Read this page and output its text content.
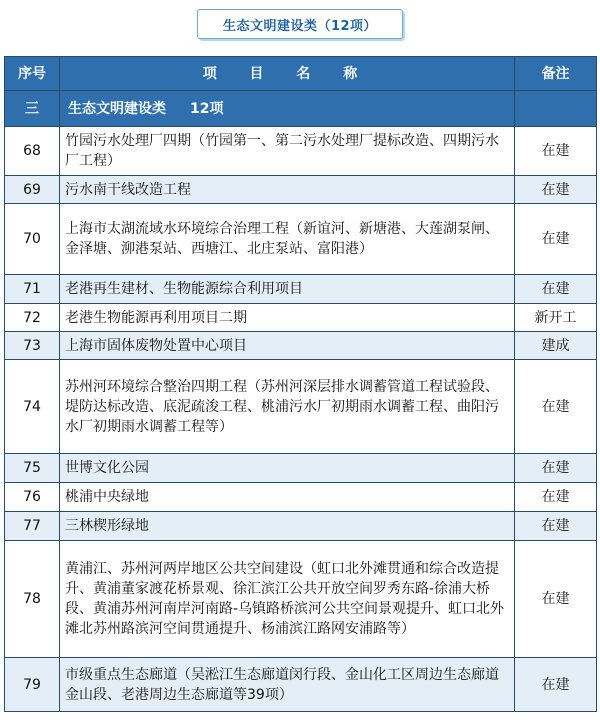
生态文明建设类（12项）
序号	项 目 名 称	备注
三	生态文明建设类 12项	
68	竹园污水处理厂四期（竹园第一、第二污水处理厂提标改造、四期污水厂工程）	在建
69	污水南干线改造工程	在建
70	上海市太湖流域水环境综合治理工程（新谊河、新塘港、大莲湖泵闸、金泽塘、泖港泵站、西塘江、北庄泵站、富阳港）	在建
71	老港再生建材、生物能源综合利用项目	在建
72	老港生物能源再利用项目二期	新开工
73	上海市固体废物处置中心项目	建成
74	苏州河环境综合整治四期工程（苏州河深层排水调蓄管道工程试验段、堤防达标改造、底泥疏浚工程、桃浦污水厂初期雨水调蓄工程、曲阳污水厂初期雨水调蓄工程等）	在建
75	世博文化公园	在建
76	桃浦中央绿地	在建
77	三林楔形绿地	在建
78	黄浦江、苏州河两岸地区公共空间建设（虹口北外滩贯通和综合改造提升、黄浦董家渡花桥景观、徐汇滨江公共开放空间罗秀东路-徐浦大桥段、黄浦苏州河南岸河南路-乌镇路桥滨河公共空间景观提升、虹口北外滩北苏州路滨河空间贯通提升、杨浦滨江路网安浦路等）	在建
79	市级重点生态廊道（吴淞江生态廊道闵行段、金山化工区周边生态廊道金山段、老港周边生态廊道等39项）	在建
